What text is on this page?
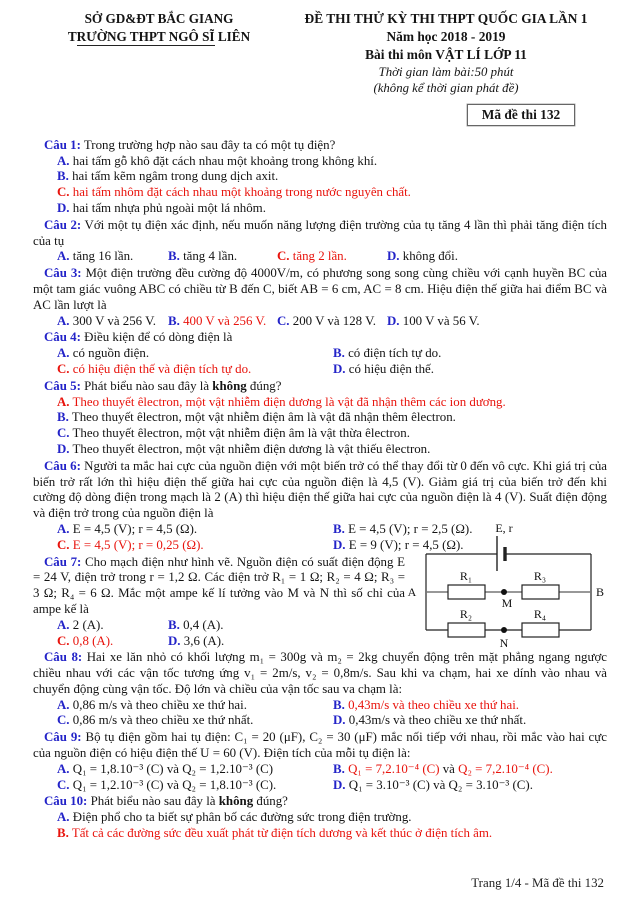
SỞ GD&ĐT BẮC GIANG
TRƯỜNG THPT NGÔ SĨ LIÊN
ĐỀ THI THỬ KỲ THI THPT QUỐC GIA LẦN 1
Năm học 2018 - 2019
Bài thi môn VẬT LÍ LỚP 11
Thời gian làm bài:50 phút
(không kể thời gian phát đề)
Mã đề thi 132

Câu 1: Trong trường hợp nào sau đây ta có một tụ điện?

A. hai tấm gỗ khô đặt cách nhau một khoảng trong không khí.

B. hai tấm kẽm ngâm trong dung dịch axit.

C. hai tấm nhôm đặt cách nhau một khoảng trong nước nguyên chất.

D. hai tấm nhựa phủ ngoài một lá nhôm.

Câu 2: Với một tụ điện xác định, nếu muốn năng lượng điện trường của tụ tăng 4 lần thì phải tăng điện tích của tụ

A. tăng 16 lần.	B. tăng 4 lần.	C. tăng 2 lần.	D. không đổi.

Câu 3: Một điện trường đều cường độ 4000V/m, có phương song song cùng chiều với cạnh huyền BC của một tam giác vuông ABC có chiều từ B đến C, biết AB = 6 cm, AC = 8 cm. Hiệu điện thế giữa hai điểm BC và AC lần lượt là

A. 300 V và 256 V. B. 400 V và 256 V. C. 200 V và 128 V. D. 100 V và 56 V.

Câu 4: Điều kiện để có dòng điện là

A. có nguồn điện.	B. có điện tích tự do.

C. có hiệu điện thế và điện tích tự do.	D. có hiệu điện thế.

Câu 5: Phát biểu nào sau đây là không đúng?

A. Theo thuyết êlectron, một vật nhiễm điện dương là vật đã nhận thêm các ion dương.

B. Theo thuyết êlectron, một vật nhiễm điện âm là vật đã nhận thêm êlectron.

C. Theo thuyết êlectron, một vật nhiễm điện âm là vật thừa êlectron.

D. Theo thuyết êlectron, một vật nhiễm điện dương là vật thiếu êlectron.

Câu 6: Người ta mắc hai cực của nguồn điện với một biến trở có thể thay đổi từ 0 đến vô cực. Khi giá trị của biến trở rất lớn thì hiệu điện thế giữa hai cực của nguồn điện là 4,5 (V). Giảm giá trị của biến trở đến khi cường độ dòng điện trong mạch là 2 (A) thì hiệu điện thế giữa hai cực của nguồn điện là 4 (V). Suất điện động và điện trở trong của nguồn điện là

A. E = 4,5 (V); r = 4,5 (Ω).	B. E = 4,5 (V); r = 2,5 (Ω).

C. E = 4,5 (V); r = 0,25 (Ω).	D. E = 9 (V); r = 4,5 (Ω).

Câu 7: Cho mạch điện như hình vẽ. Nguồn điện có suất điện động E = 24 V, điện trở trong r = 1,2 Ω. Các điện trở R₁ = 1 Ω; R₂ = 4 Ω; R₃ = 3 Ω; R₄ = 6 Ω. Mắc một ampe kế lí tưởng vào M và N thì số chỉ của ampe kế là

A. 2 (A).	B. 0,4 (A).

C. 0,8 (A).	D. 3,6 (A).

E, r
R₁	R₃
M
R₂	R₄
N
A	B

Câu 8: Hai xe lăn nhỏ có khối lượng m₁ = 300g và m₂ = 2kg chuyển động trên mặt phẳng ngang ngược chiều nhau với các vận tốc tương ứng v₁ = 2m/s, v₂ = 0,8m/s. Sau khi va chạm, hai xe dính vào nhau và chuyển động cùng vận tốc. Độ lớn và chiều của vận tốc sau va chạm là:

A. 0,86 m/s và theo chiều xe thứ hai.	B. 0,43m/s và theo chiều xe thứ hai.

C. 0,86 m/s và theo chiều xe thứ nhất.	D. 0,43m/s và theo chiều xe thứ nhất.

Câu 9: Bộ tụ điện gồm hai tụ điện: C₁ = 20 (μF), C₂ = 30 (μF) mắc nối tiếp với nhau, rồi mắc vào hai cực của nguồn điện có hiệu điện thế U = 60 (V). Điện tích của mỗi tụ điện là:

A. Q₁ = 1,8.10⁻³ (C) và Q₂ = 1,2.10⁻³ (C)	B. Q₁ = 7,2.10⁻⁴ (C) và Q₂ = 7,2.10⁻⁴ (C).

C. Q₁ = 1,2.10⁻³ (C) và Q₂ = 1,8.10⁻³ (C).	D. Q₁ = 3.10⁻³ (C) và Q₂ = 3.10⁻³ (C).

Câu 10: Phát biểu nào sau đây là không đúng?

A. Điện phổ cho ta biết sự phân bố các đường sức trong điện trường.

B. Tất cả các đường sức đều xuất phát từ điện tích dương và kết thúc ở điện tích âm.

Trang 1/4 - Mã đề thi 132
